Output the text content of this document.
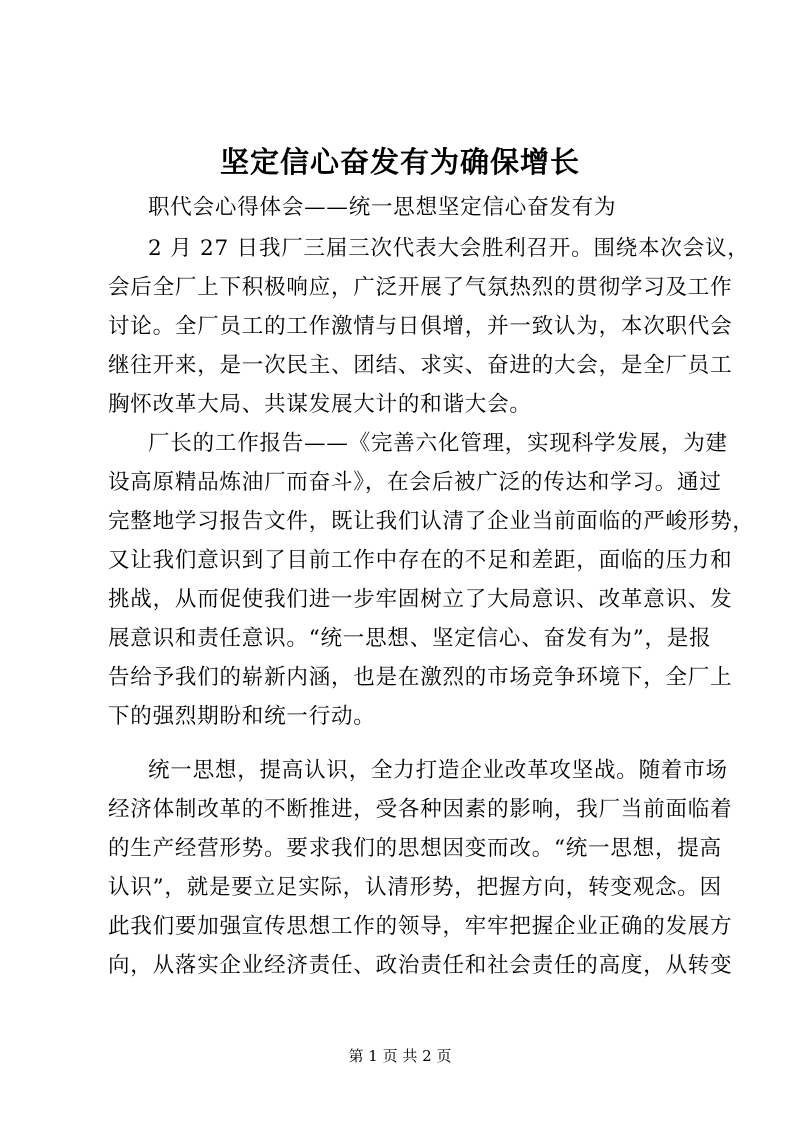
坚定信心奋发有为确保增长
职代会心得体会——统一思想坚定信心奋发有为
2 月 27 日我厂三届三次代表大会胜利召开。围绕本次会议，
会后全厂上下积极响应，广泛开展了气氛热烈的贯彻学习及工作
讨论。全厂员工的工作激情与日俱增，并一致认为，本次职代会
继往开来，是一次民主、团结、求实、奋进的大会，是全厂员工
胸怀改革大局、共谋发展大计的和谐大会。
厂长的工作报告——《完善六化管理，实现科学发展，为建
设高原精品炼油厂而奋斗》，在会后被广泛的传达和学习。通过
完整地学习报告文件，既让我们认清了企业当前面临的严峻形势，
又让我们意识到了目前工作中存在的不足和差距，面临的压力和
挑战，从而促使我们进一步牢固树立了大局意识、改革意识、发
展意识和责任意识。“统一思想、坚定信心、奋发有为”，是报
告给予我们的崭新内涵，也是在激烈的市场竞争环境下，全厂上
下的强烈期盼和统一行动。
统一思想，提高认识，全力打造企业改革攻坚战。随着市场
经济体制改革的不断推进，受各种因素的影响，我厂当前面临着
的生产经营形势。要求我们的思想因变而改。“统一思想，提高
认识”，就是要立足实际，认清形势，把握方向，转变观念。因
此我们要加强宣传思想工作的领导，牢牢把握企业正确的发展方
向，从落实企业经济责任、政治责任和社会责任的高度，从转变
第 1 页 共 2 页
